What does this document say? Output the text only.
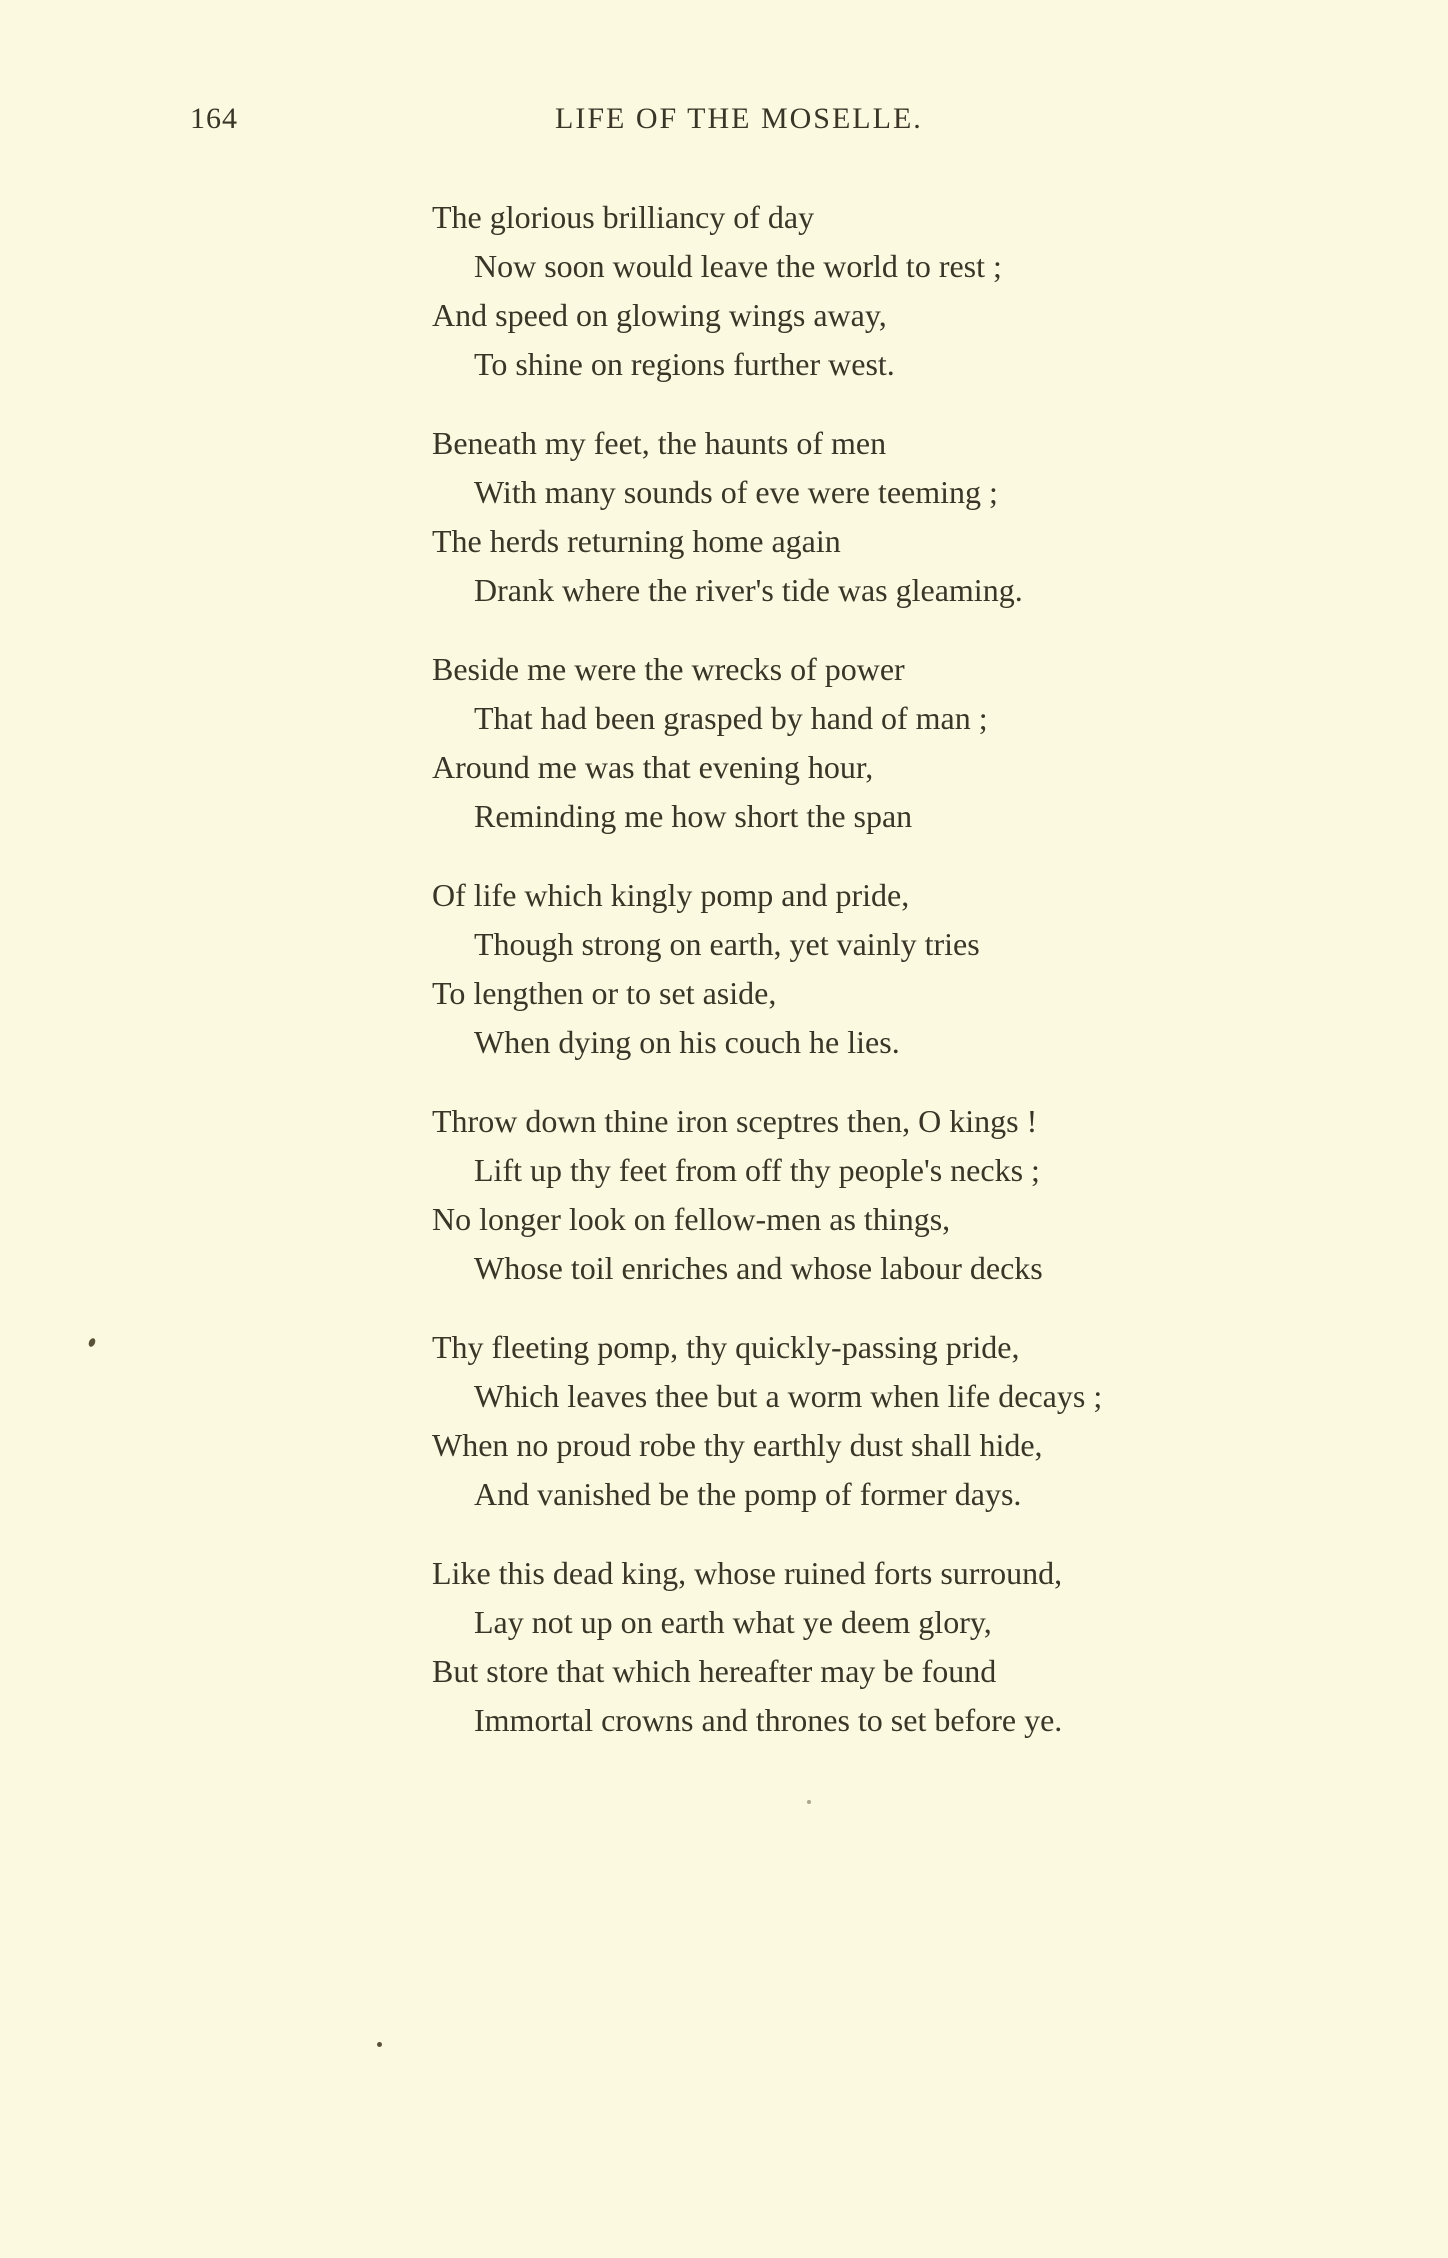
164	LIFE OF THE MOSELLE.
The glorious brilliancy of day
Now soon would leave the world to rest ;
And speed on glowing wings away,
To shine on regions further west.
Beneath my feet, the haunts of men
With many sounds of eve were teeming ;
The herds returning home again
Drank where the river's tide was gleaming.
Beside me were the wrecks of power
That had been grasped by hand of man ;
Around me was that evening hour,
Reminding me how short the span
Of life which kingly pomp and pride,
Though strong on earth, yet vainly tries
To lengthen or to set aside,
When dying on his couch he lies.
Throw down thine iron sceptres then, O kings !
Lift up thy feet from off thy people's necks ;
No longer look on fellow-men as things,
Whose toil enriches and whose labour decks
Thy fleeting pomp, thy quickly-passing pride,
Which leaves thee but a worm when life decays ;
When no proud robe thy earthly dust shall hide,
And vanished be the pomp of former days.
Like this dead king, whose ruined forts surround,
Lay not up on earth what ye deem glory,
But store that which hereafter may be found
Immortal crowns and thrones to set before ye.
